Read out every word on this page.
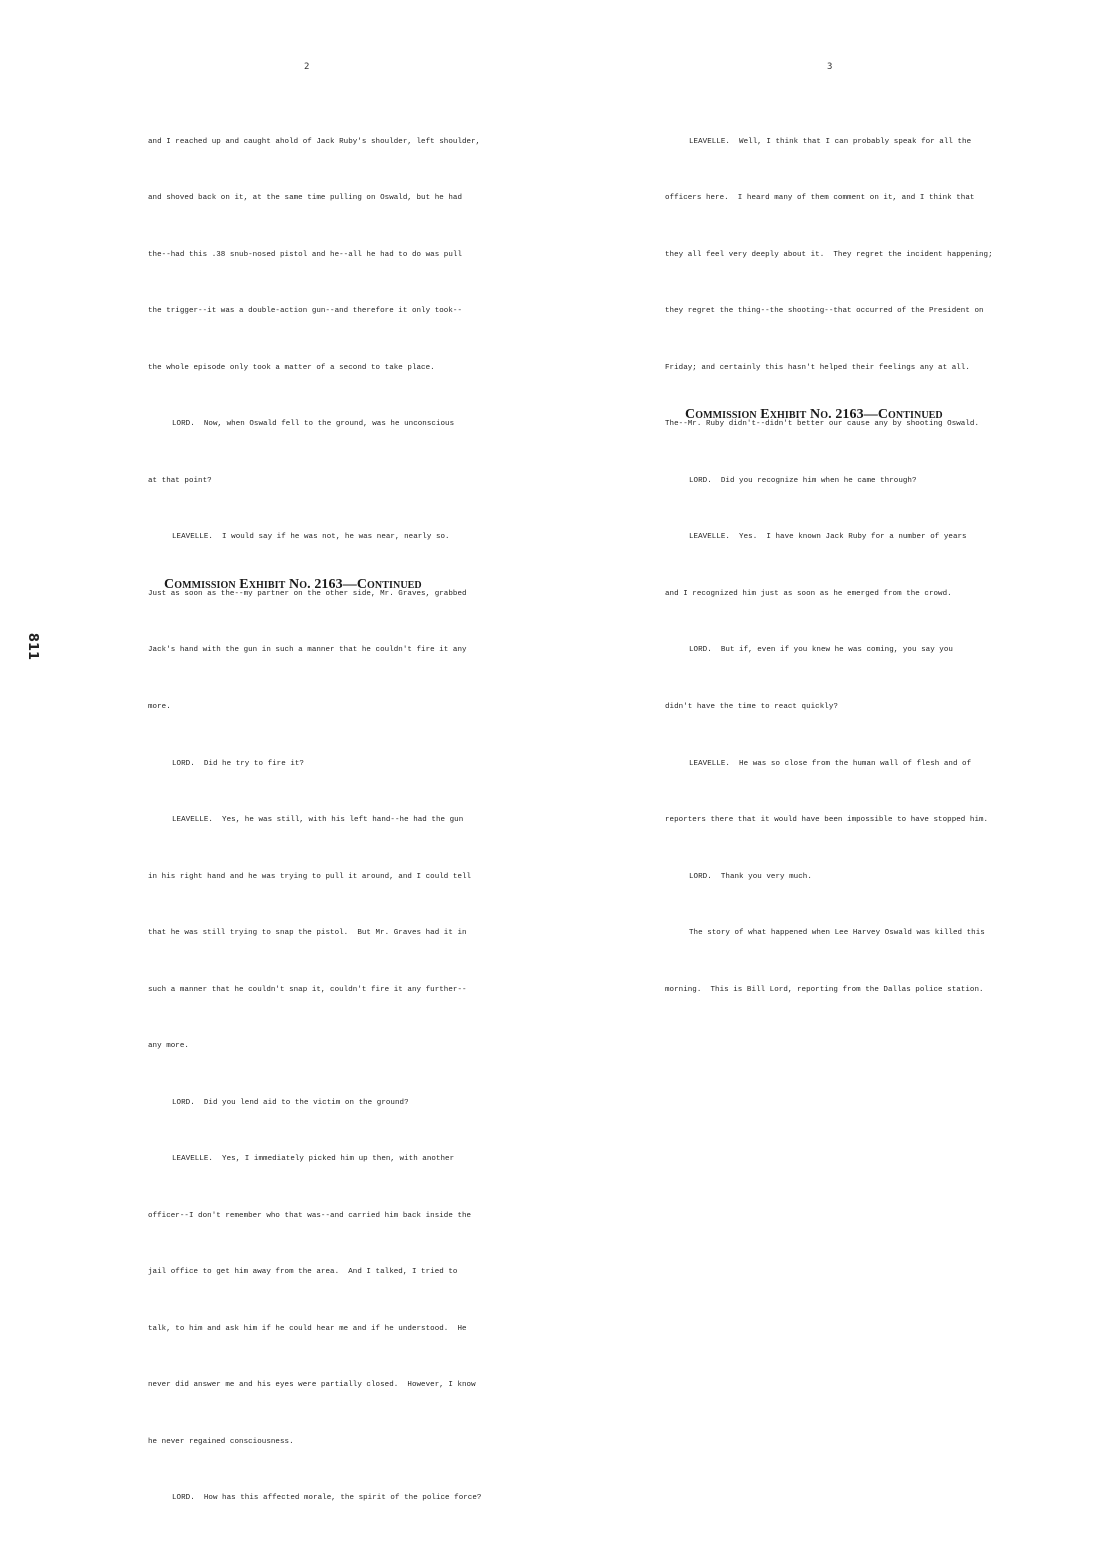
2

and I reached up and caught ahold of Jack Ruby's shoulder, left shoulder,

and shoved back on it, at the same time pulling on Oswald, but he had

the--had this .38 snub-nosed pistol and he--all he had to do was pull

the trigger--it was a double-action gun--and therefore it only took--

the whole episode only took a matter of a second to take place.

LORD.  Now, when Oswald fell to the ground, was he unconscious

at that point?

LEAVELLE.  I would say if he was not, he was near, nearly so.

Just as soon as the--my partner on the other side, Mr. Graves, grabbed

Jack's hand with the gun in such a manner that he couldn't fire it any

more.

LORD.  Did he try to fire it?

LEAVELLE.  Yes, he was still, with his left hand--he had the gun

in his right hand and he was trying to pull it around, and I could tell

that he was still trying to snap the pistol.  But Mr. Graves had it in

such a manner that he couldn't snap it, couldn't fire it any further--

any more.

LORD.  Did you lend aid to the victim on the ground?

LEAVELLE.  Yes, I immediately picked him up then, with another

officer--I don't remember who that was--and carried him back inside the

jail office to get him away from the area.  And I talked, I tried to

talk, to him and ask him if he could hear me and if he understood.  He

never did answer me and his eyes were partially closed.  However, I know

he never regained consciousness.

LORD.  How has this affected morale, the spirit of the police force?

Commission Exhibit No. 2163—Continued
3

LEAVELLE.  Well, I think that I can probably speak for all the

officers here.  I heard many of them comment on it, and I think that

they all feel very deeply about it.  They regret the incident happening;

they regret the thing--the shooting--that occurred of the President on

Friday; and certainly this hasn't helped their feelings any at all.

The--Mr. Ruby didn't--didn't better our cause any by shooting Oswald.

LORD.  Did you recognize him when he came through?

LEAVELLE.  Yes.  I have known Jack Ruby for a number of years

and I recognized him just as soon as he emerged from the crowd.

LORD.  But if, even if you knew he was coming, you say you

didn't have the time to react quickly?

LEAVELLE.  He was so close from the human wall of flesh and of

reporters there that it would have been impossible to have stopped him.

LORD.  Thank you very much.

The story of what happened when Lee Harvey Oswald was killed this

morning.  This is Bill Lord, reporting from the Dallas police station.

Commission Exhibit No. 2163—Continued
811
